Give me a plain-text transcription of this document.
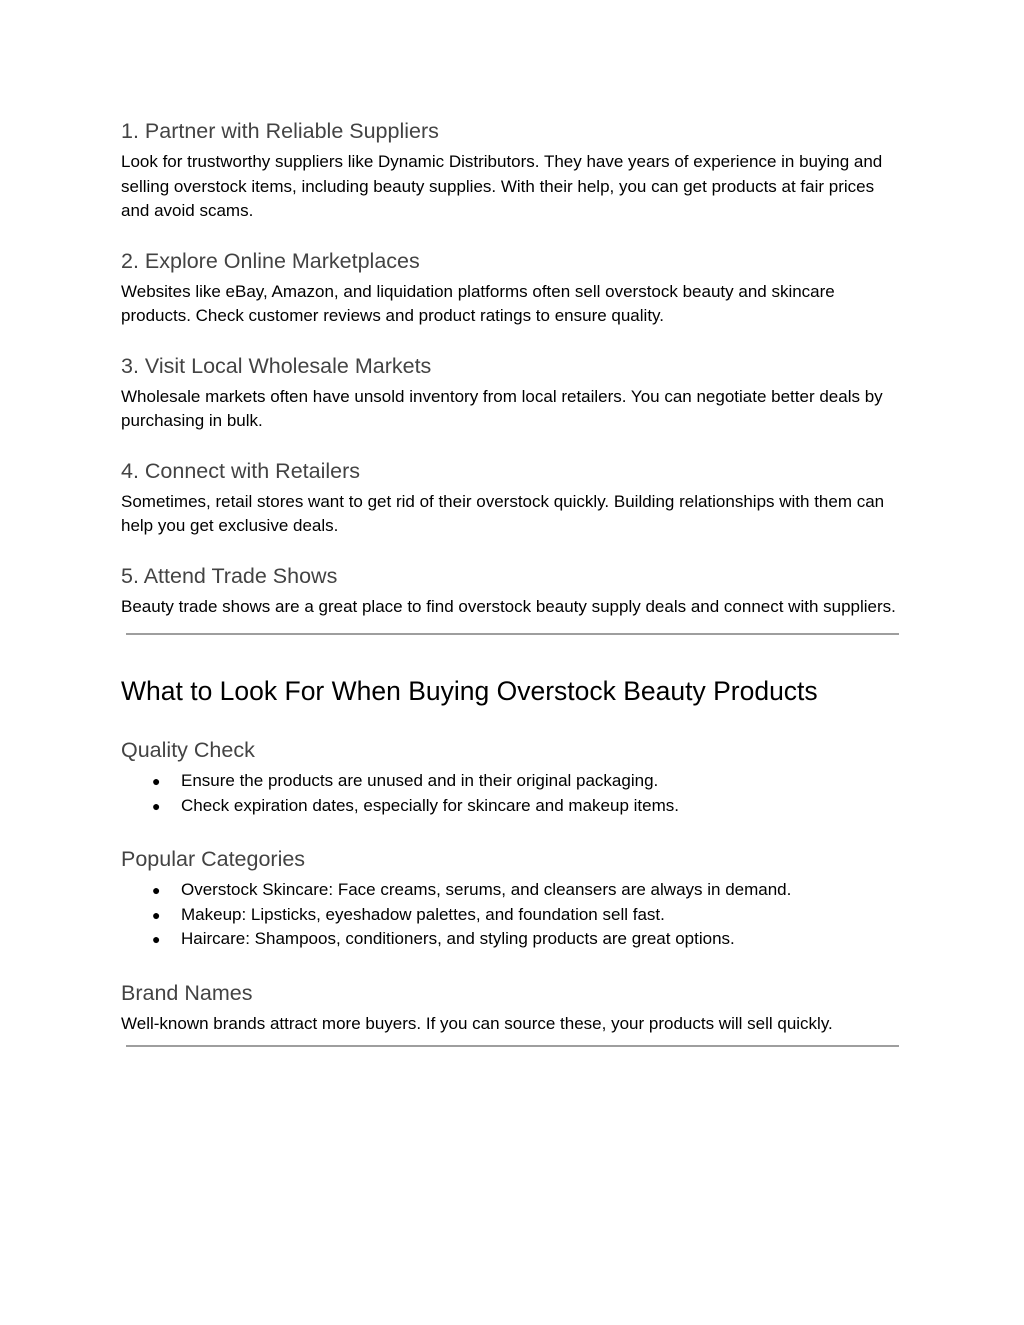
1. Partner with Reliable Suppliers

Look for trustworthy suppliers like Dynamic Distributors. They have years of experience in buying and selling overstock items, including beauty supplies. With their help, you can get products at fair prices and avoid scams.

2. Explore Online Marketplaces

Websites like eBay, Amazon, and liquidation platforms often sell overstock beauty and skincare products. Check customer reviews and product ratings to ensure quality.

3. Visit Local Wholesale Markets

Wholesale markets often have unsold inventory from local retailers. You can negotiate better deals by purchasing in bulk.

4. Connect with Retailers

Sometimes, retail stores want to get rid of their overstock quickly. Building relationships with them can help you get exclusive deals.

5. Attend Trade Shows

Beauty trade shows are a great place to find overstock beauty supply deals and connect with suppliers.

What to Look For When Buying Overstock Beauty Products
Quality Check
● Ensure the products are unused and in their original packaging.
● Check expiration dates, especially for skincare and makeup items.
Popular Categories
● Overstock Skincare: Face creams, serums, and cleansers are always in demand.
● Makeup: Lipsticks, eyeshadow palettes, and foundation sell fast.
● Haircare: Shampoos, conditioners, and styling products are great options.
Brand Names

Well-known brands attract more buyers. If you can source these, your products will sell quickly.
